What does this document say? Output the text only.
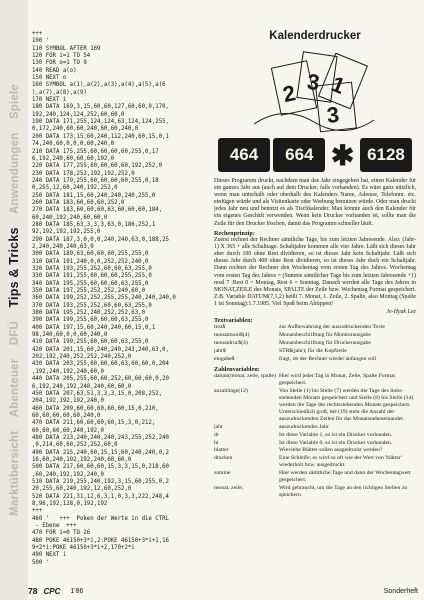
Marktübersicht Abenteuer DFÜ Tips & Tricks Anwendungen Spiele
+++
100 '
110 SYMBOL AFTER 169
120 FOR i=1 TO 54
130 FOR o=1 TO 9
140 READ a(o)
150 NEXT o
160 SYMBOL a(1),a(2),a(3),a(4),a(5),a(6
),a(7),a(8),a(9)
170 NEXT i
180 DATA 169,3,15,60,60,127,60,60,0,170,
192,240,124,124,252,60,60,0
190 DATA 171,255,124,124,63,124,124,255,
0,172,240,60,60,240,60,60,240,0
200 DATA 173,15,60,240,112,240,60,15,0,1
74,240,60,0,0,0,60,240,0
210 DATA 175,255,60,60,60,60,255,0,17
6,192,240,60,60,60,192,0
220 DATA 177,255,60,60,60,60,192,252,0
230 DATA 178,252,192,192,252,0
240 DATA 179,255,60,60,60,60,255,0,18
0,255,12,60,240,192,252,0
250 DATA 181,15,60,240,240,240,255,0
260 DATA 183,60,60,60,252,0
270 DATA 183,60,60,60,63,60,60,60,184,
60,240,192,240,60,60,0
280 DATA 185,63,3,3,3,63,0,186,252,1
92,192,192,192,255,0
290 DATA 187,3,0,0,0,240,240,63,0,188,25
2,240,240,240,63,0
300 DATA 189,63,60,60,60,255,255,0
310 DATA 191,240,0,0,252,252,240,0
320 DATA 193,255,252,60,60,63,255,0
330 DATA 191,255,60,60,60,255,255,0
340 DATA 195,255,60,60,60,63,255,0
350 DATA 197,255,252,252,240,60,0
360 DATA 199,252,252,255,255,240,240,240,0
370 DATA 193,255,252,60,60,63,255,0
380 DATA 195,252,240,252,252,63,0
390 DATA 199,255,60,60,60,63,255,0
400 DATA 197,15,60,240,240,60,15,0,1
98,240,60,0,0,60,240,0
410 DATA 199,255,60,60,60,63,255,0
420 DATA 201,15,60,240,240,243,240,63,0,
202,192,240,252,252,240,252,0
430 DATA 203,255,60,60,60,63,60,60,0,204
,192,240,192,240,60,0
440 DATA 205,255,60,60,252,60,60,60,0,20
6,192,240,192,240,240,60,60,0
450 DATA 207,63,51,3,3,3,15,0,208,252,
204,192,192,192,240,0
460 DATA 209,60,60,60,60,60,15,0,210,
60,60,60,60,60,240,0
470 DATA 211,60,60,60,60,15,3,0,212,
60,60,60,60,240,192,0
480 DATA 213,240,240,240,243,255,252,240
,0,214,60,60,252,252,60,0
490 DATA 215,240,60,15,15,60,240,240,0,2
16,60,240,192,192,240,60,60,0
500 DATA 217,60,60,60,15,3,3,15,0,218,60
,60,240,192,192,240,0
510 DATA 219,255,240,192,3,15,60,255,0,2
20,255,60,240,192,12,60,252,0
520 DATA 221,31,12,6,3,1,0,3,3,222,248,4
8,96,192,128,0,192,192
+++
460 '   +++  Poken der Werte in die CTRL
- Ebene  +++
470 FOR i=0 TO 26
480 POKE 46150+3*i,2:POKE 46150+3*i+1,16
9+2*i:POKE 46150+3*i+2,170+2*i
490 NEXT i
500 '

Kalenderdrucker
2 3 1
3
464	664 ✱ 6128

Dieses Programm druckt, nachdem man das Jahr eingegeben hat, einen Kalender für ein ganzes Jahr aus (auch auf dem Drucker, falls vorhanden). Es wäre ganz nützlich, wenn man unterhalb oder oberhalb des Kalenders Name, Adresse, Telefonnr. etc. einfügen würde und als Visitenkarte oder Werbung benutzen würde. Oder man druckt jedes Jahr neu und benutzt es als Tischkalender. Man könnte auch den Kalender für ein eigenes Geschäft verwenden. Wenn kein Drucker vorhanden ist, sollte man die Zeile für den Drucker löschen, damit das Programm schneller läuft.

Rechenprinzip:

Zuerst rechnet der Rechner sämtliche Tage, bis zum letzten Jahresende. Also: (Jahr-1) X 365 + alle Schalttage. Schaltjahre kommen alle vier Jahre. Läßt sich dieses Jahr aber durch 100 ohne Rest dividieren, so ist dieses Jahr kein Schaltjahr. Läßt sich dieses Jahr durch 400 ohne Rest dividieren, so ist dieses Jahr doch ein Schaltjahr. Dann rechnet der Rechner den Wochentag vom ersten Tag des Jahres. Wochentag vom ersten Tag des Jahres = (Summe sämtlicher Tage bis zum letzten Jahresende +1) mod 7 :Rest 0 = Montag, Rest 6 = Sonntag. Danach werden alle Tage des Jahres in MONAT,ZEILE des Monats, SPALTE der Zeile bzw. Wochentag Format gespeichert. Z.B. Variable DATUM(7,1,2) heißt 7. Monat, 1. Zeile, 2. Spalte, also Montag (Spalte 1 ist Sonntag):1.7.1985. Viel Spaß beim Abtippen!

Je-Hyuk Lee
Textvariablen:
text$	zur Aufbewahrung der auszudruckenden Texte
monatmoni$(4)	Monatsbeschriftung für Monitorausgabe
monatdruc$(4)	Monatsbeschriftung für Druckerausgabe
jahr$	STR$(jahr); für die Kopfzeile
eingabe$	fragt, ob der Rechner wieder anfangen soll
Zahlenvariablen:
datum(monat, zeile, spalte) Hier wird jeder Tag in Monat, Zeile, Spalte Format gespeichert.
anzahltage(12)	Von Stelle (1) bis Stelle (7) werden die Tage des links-stehenden Monats gespeichert und Stelle (8) bis Stelle (14) werden die Tage des rechtsstehenden Monats gespeichert. Unterschiedlich groß, bei (19) steht die Anzahl der auszudruckenden Zeilen für das Monatsnebeneinander.
jahr	auszudruckendes Jahr
dr	Ist diese Variable 1, so ist ein Drucker vorhanden.
bl	Ist diese Variable 0, so ist ein Drucker vorhanden.
blatter	Wievielte Blätter sollen ausgedruckt werden?
drucken	Eine Schleife; es wird so oft wie der Wert von 'blätter' wiederholt bzw. ausgedruckt.
summe	Hier werden sämtliche Tage und dann der Wochentagwert gespeichert.
monat, zeile,	Wird gebraucht, um die Tage an den richtigen Stellen zu speichern.
78 CPC 1'86	Sonderheft
